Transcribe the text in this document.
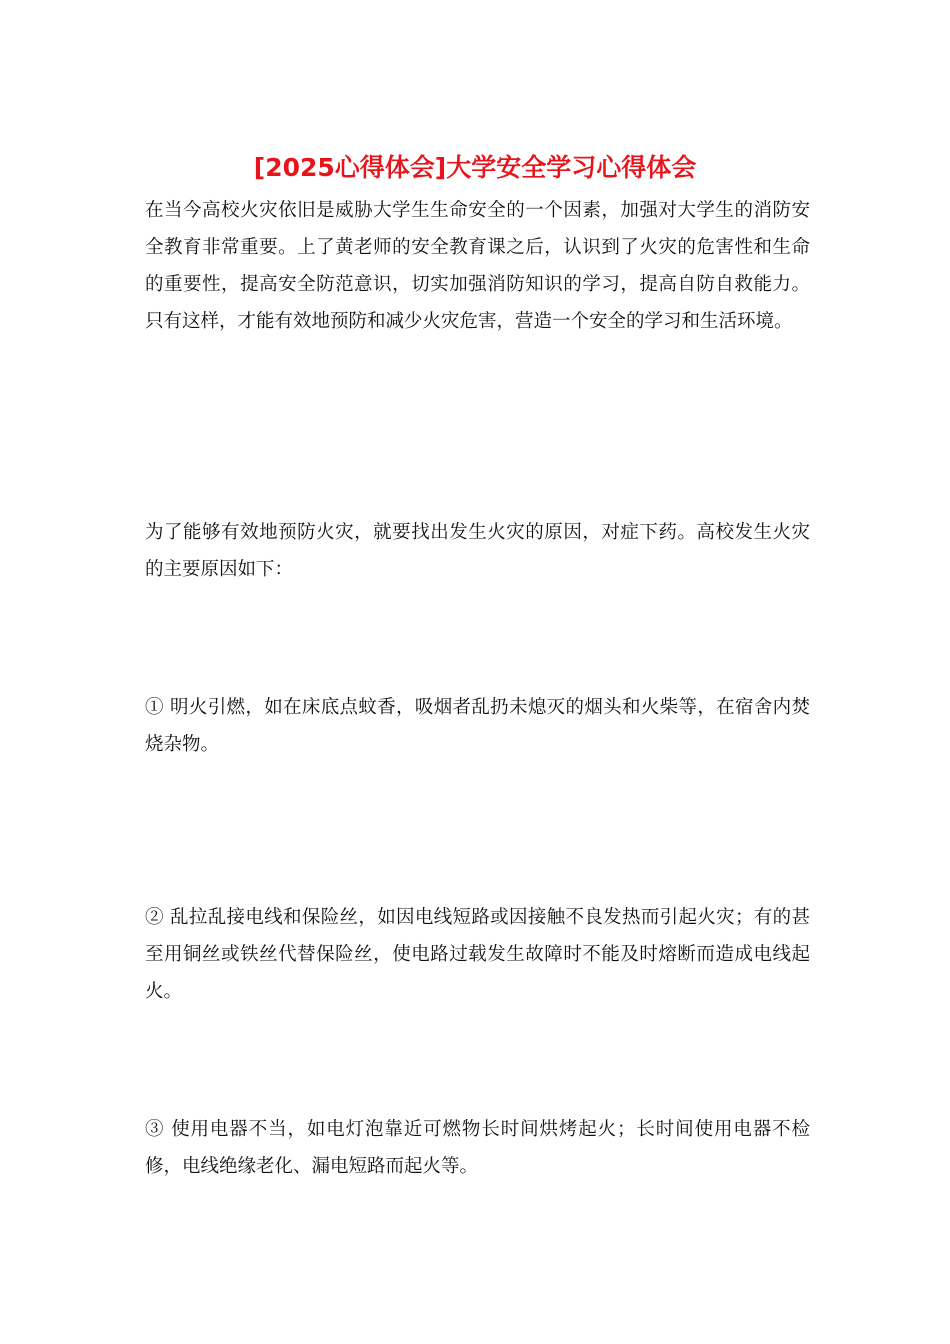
[2025心得体会]大学安全学习心得体会

在当今高校火灾依旧是威胁大学生生命安全的一个因素，加强对大学生的消防安全教育非常重要。上了黄老师的安全教育课之后，认识到了火灾的危害性和生命的重要性，提高安全防范意识，切实加强消防知识的学习，提高自防自救能力。只有这样，才能有效地预防和减少火灾危害，营造一个安全的学习和生活环境。

为了能够有效地预防火灾，就要找出发生火灾的原因，对症下药。高校发生火灾的主要原因如下：

① 明火引燃，如在床底点蚊香，吸烟者乱扔未熄灭的烟头和火柴等，在宿舍内焚烧杂物。

② 乱拉乱接电线和保险丝，如因电线短路或因接触不良发热而引起火灾；有的甚至用铜丝或铁丝代替保险丝，使电路过载发生故障时不能及时熔断而造成电线起火。

③ 使用电器不当，如电灯泡靠近可燃物长时间烘烤起火；长时间使用电器不检修，电线绝缘老化、漏电短路而起火等。
